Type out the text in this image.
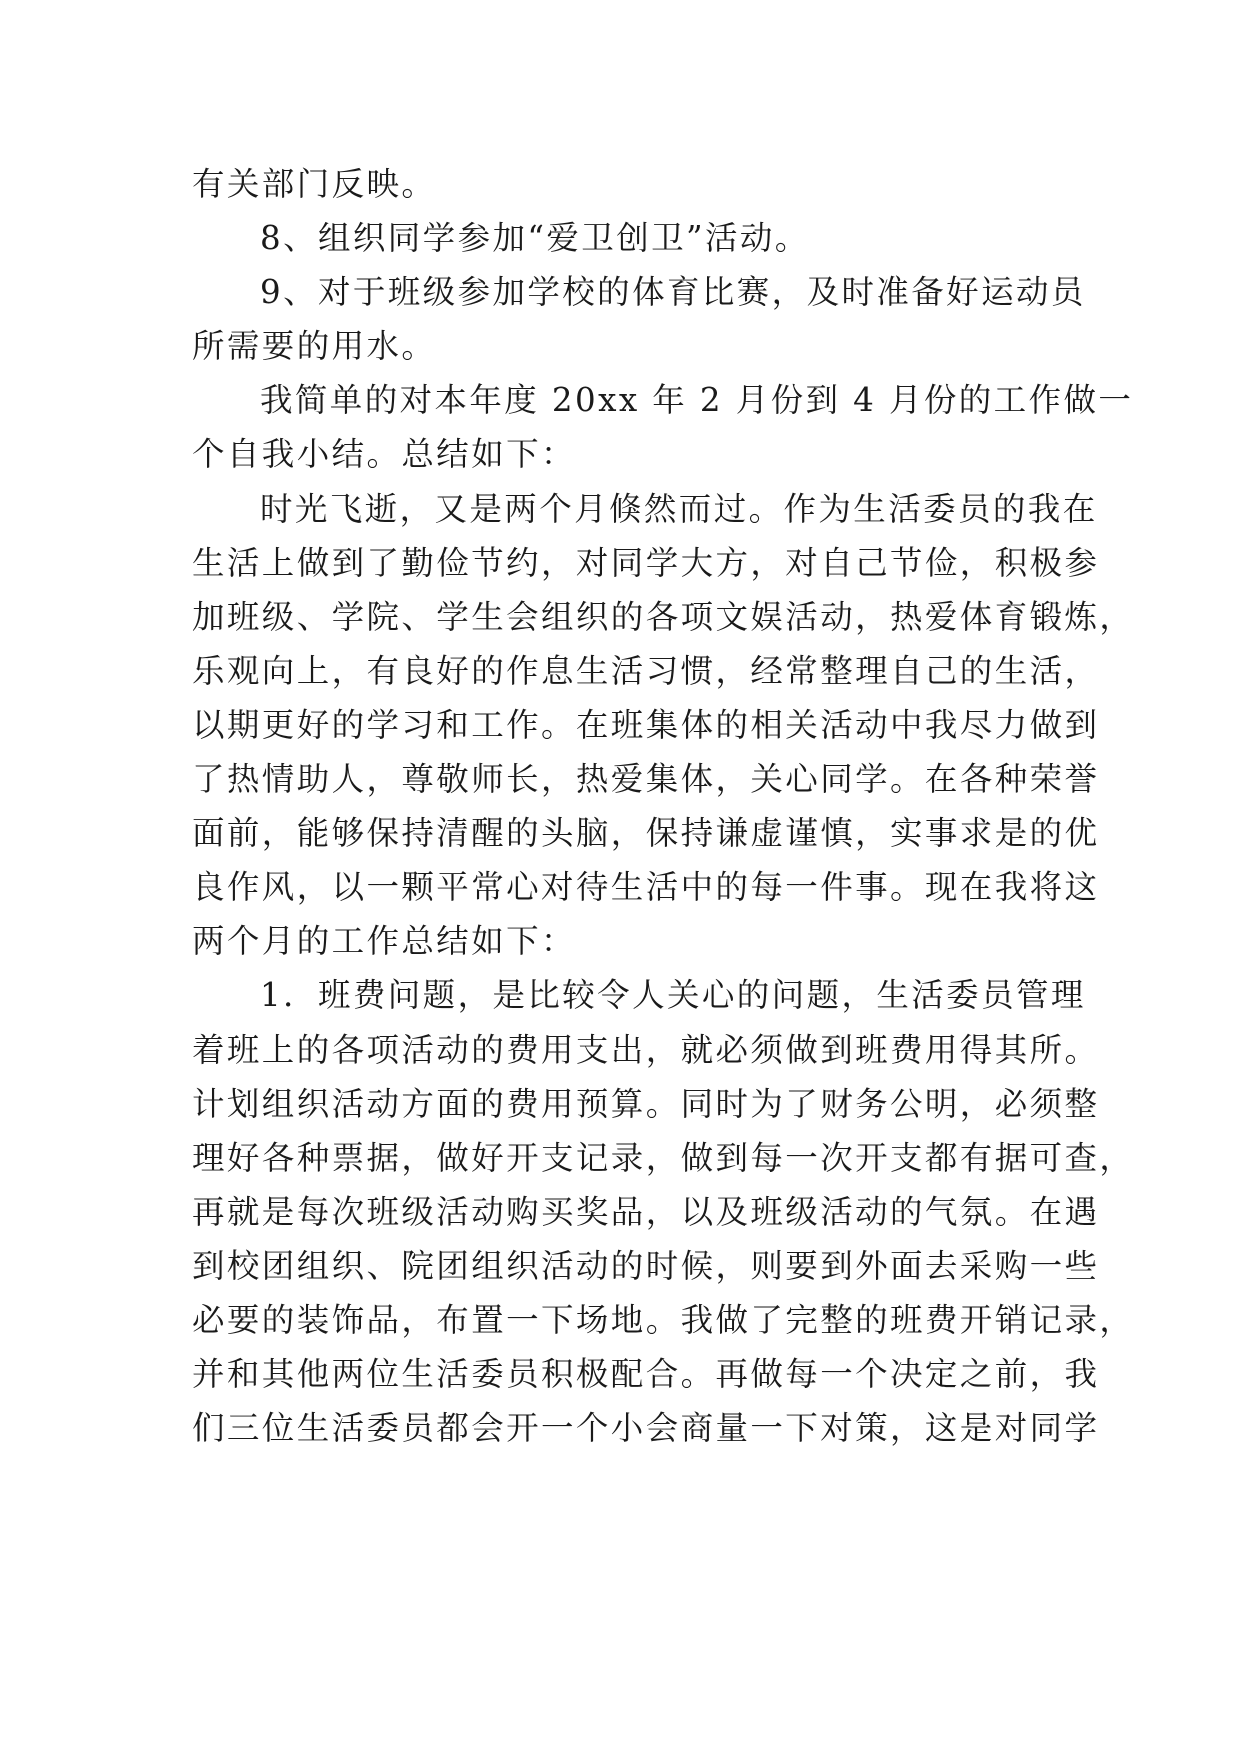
有关部门反映。
8、组织同学参加“爱卫创卫”活动。
9、对于班级参加学校的体育比赛，及时准备好运动员
所需要的用水。
我简单的对本年度 20xx 年 2 月份到 4 月份的工作做一
个自我小结。总结如下：
时光飞逝，又是两个月倏然而过。作为生活委员的我在
生活上做到了勤俭节约，对同学大方，对自己节俭，积极参
加班级、学院、学生会组织的各项文娱活动，热爱体育锻炼，
乐观向上，有良好的作息生活习惯，经常整理自己的生活，
以期更好的学习和工作。在班集体的相关活动中我尽力做到
了热情助人，尊敬师长，热爱集体，关心同学。在各种荣誉
面前，能够保持清醒的头脑，保持谦虚谨慎，实事求是的优
良作风，以一颗平常心对待生活中的每一件事。现在我将这
两个月的工作总结如下：
1．班费问题，是比较令人关心的问题，生活委员管理
着班上的各项活动的费用支出，就必须做到班费用得其所。
计划组织活动方面的费用预算。同时为了财务公明，必须整
理好各种票据，做好开支记录，做到每一次开支都有据可查，
再就是每次班级活动购买奖品，以及班级活动的气氛。在遇
到校团组织、院团组织活动的时候，则要到外面去采购一些
必要的装饰品，布置一下场地。我做了完整的班费开销记录，
并和其他两位生活委员积极配合。再做每一个决定之前，我
们三位生活委员都会开一个小会商量一下对策，这是对同学
